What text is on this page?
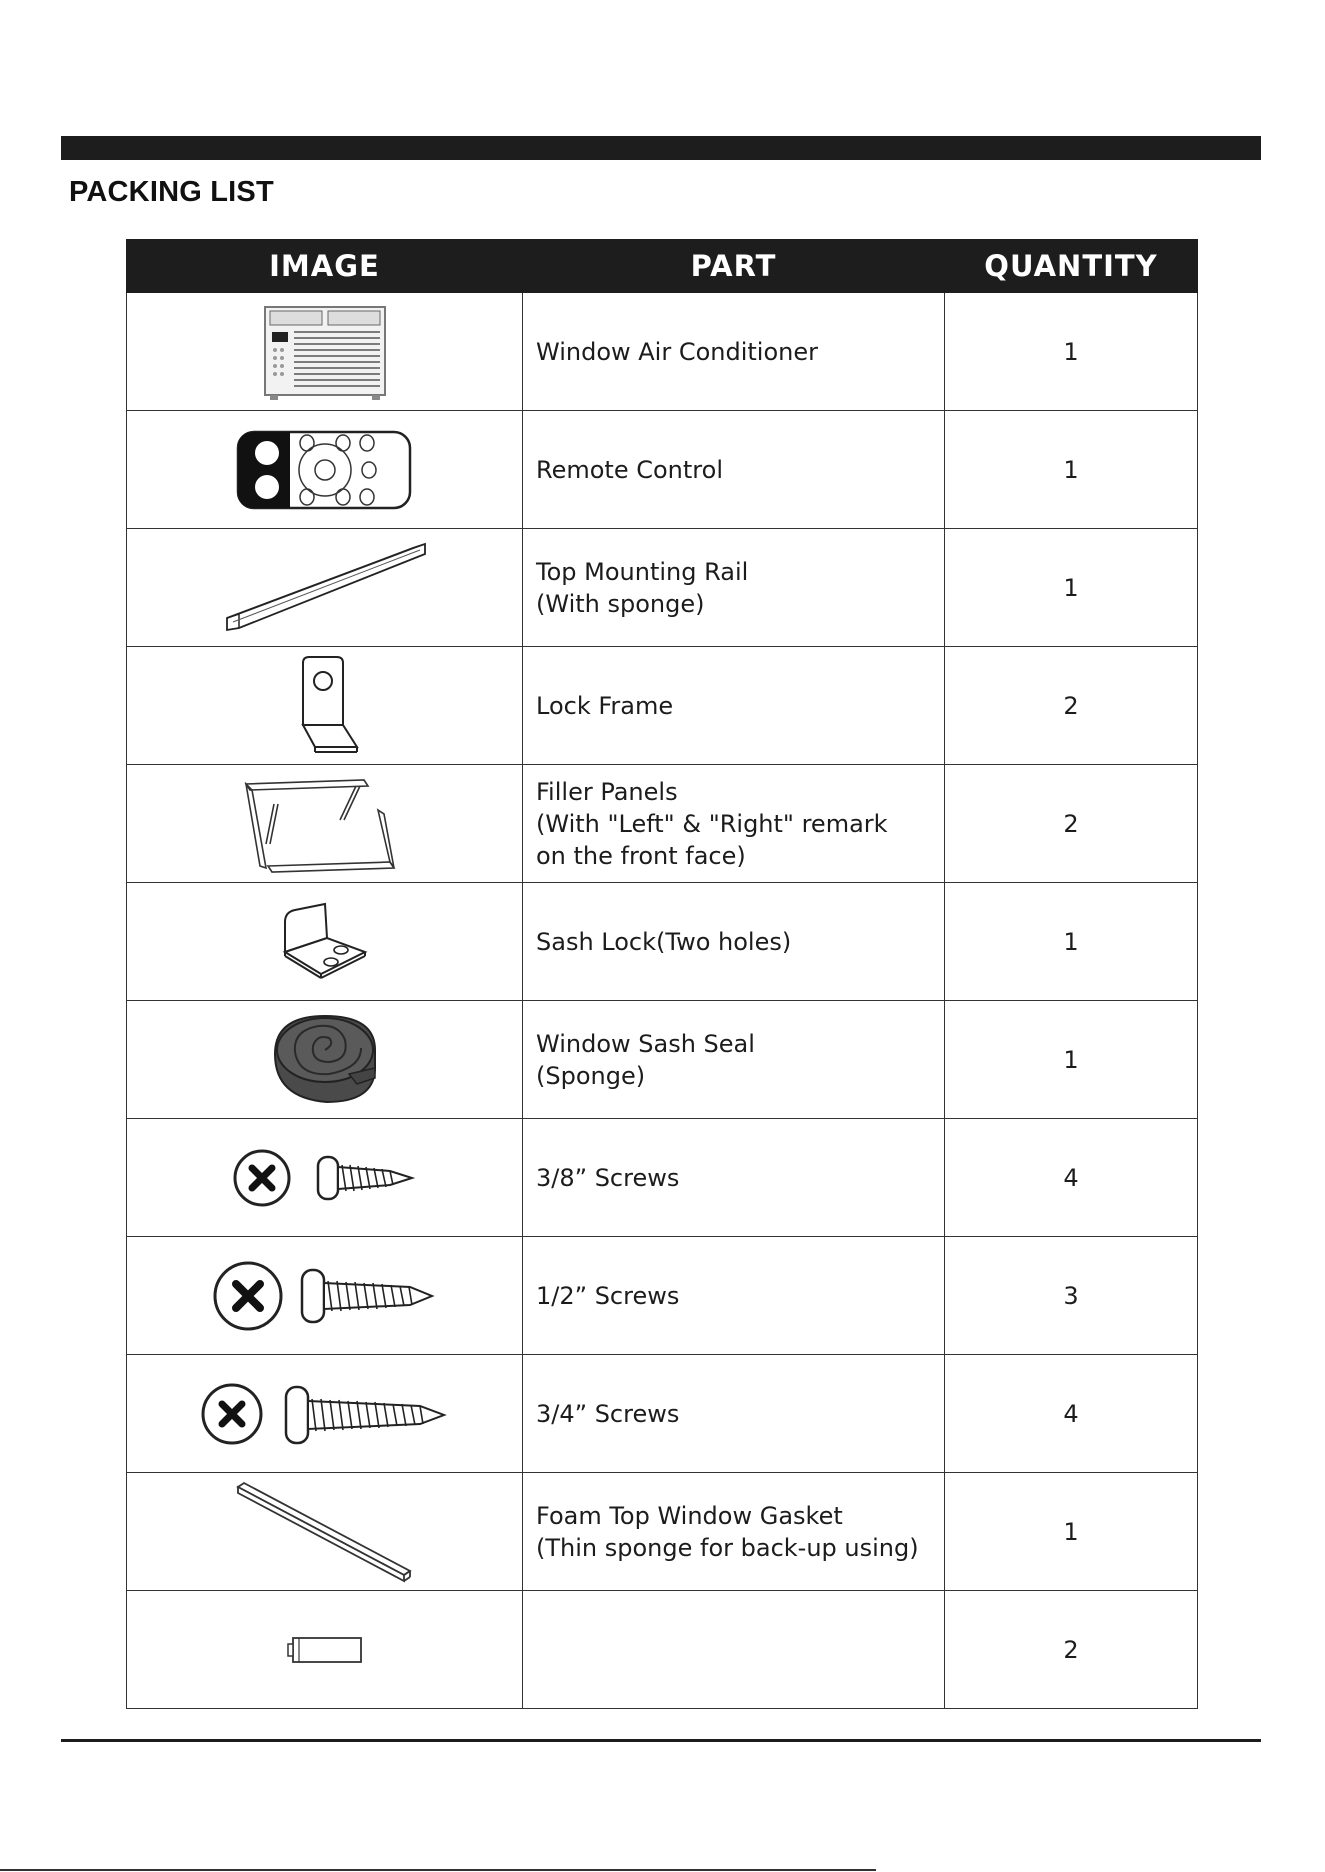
PACKING LIST
IMAGE	PART	QUANTITY

Window Air Conditioner	1

Remote Control	1

Top Mounting Rail
(With sponge)	1

Lock Frame	2

Filler Panels
(With "Left" & "Right" remark
on the front face)	2

Sash Lock(Two holes)	1

Window Sash Seal
(Sponge)	1

3/8” Screws	4

1/2” Screws	3

3/4” Screws	4

Foam Top Window Gasket
(Thin sponge for back-up using)	1
		2
